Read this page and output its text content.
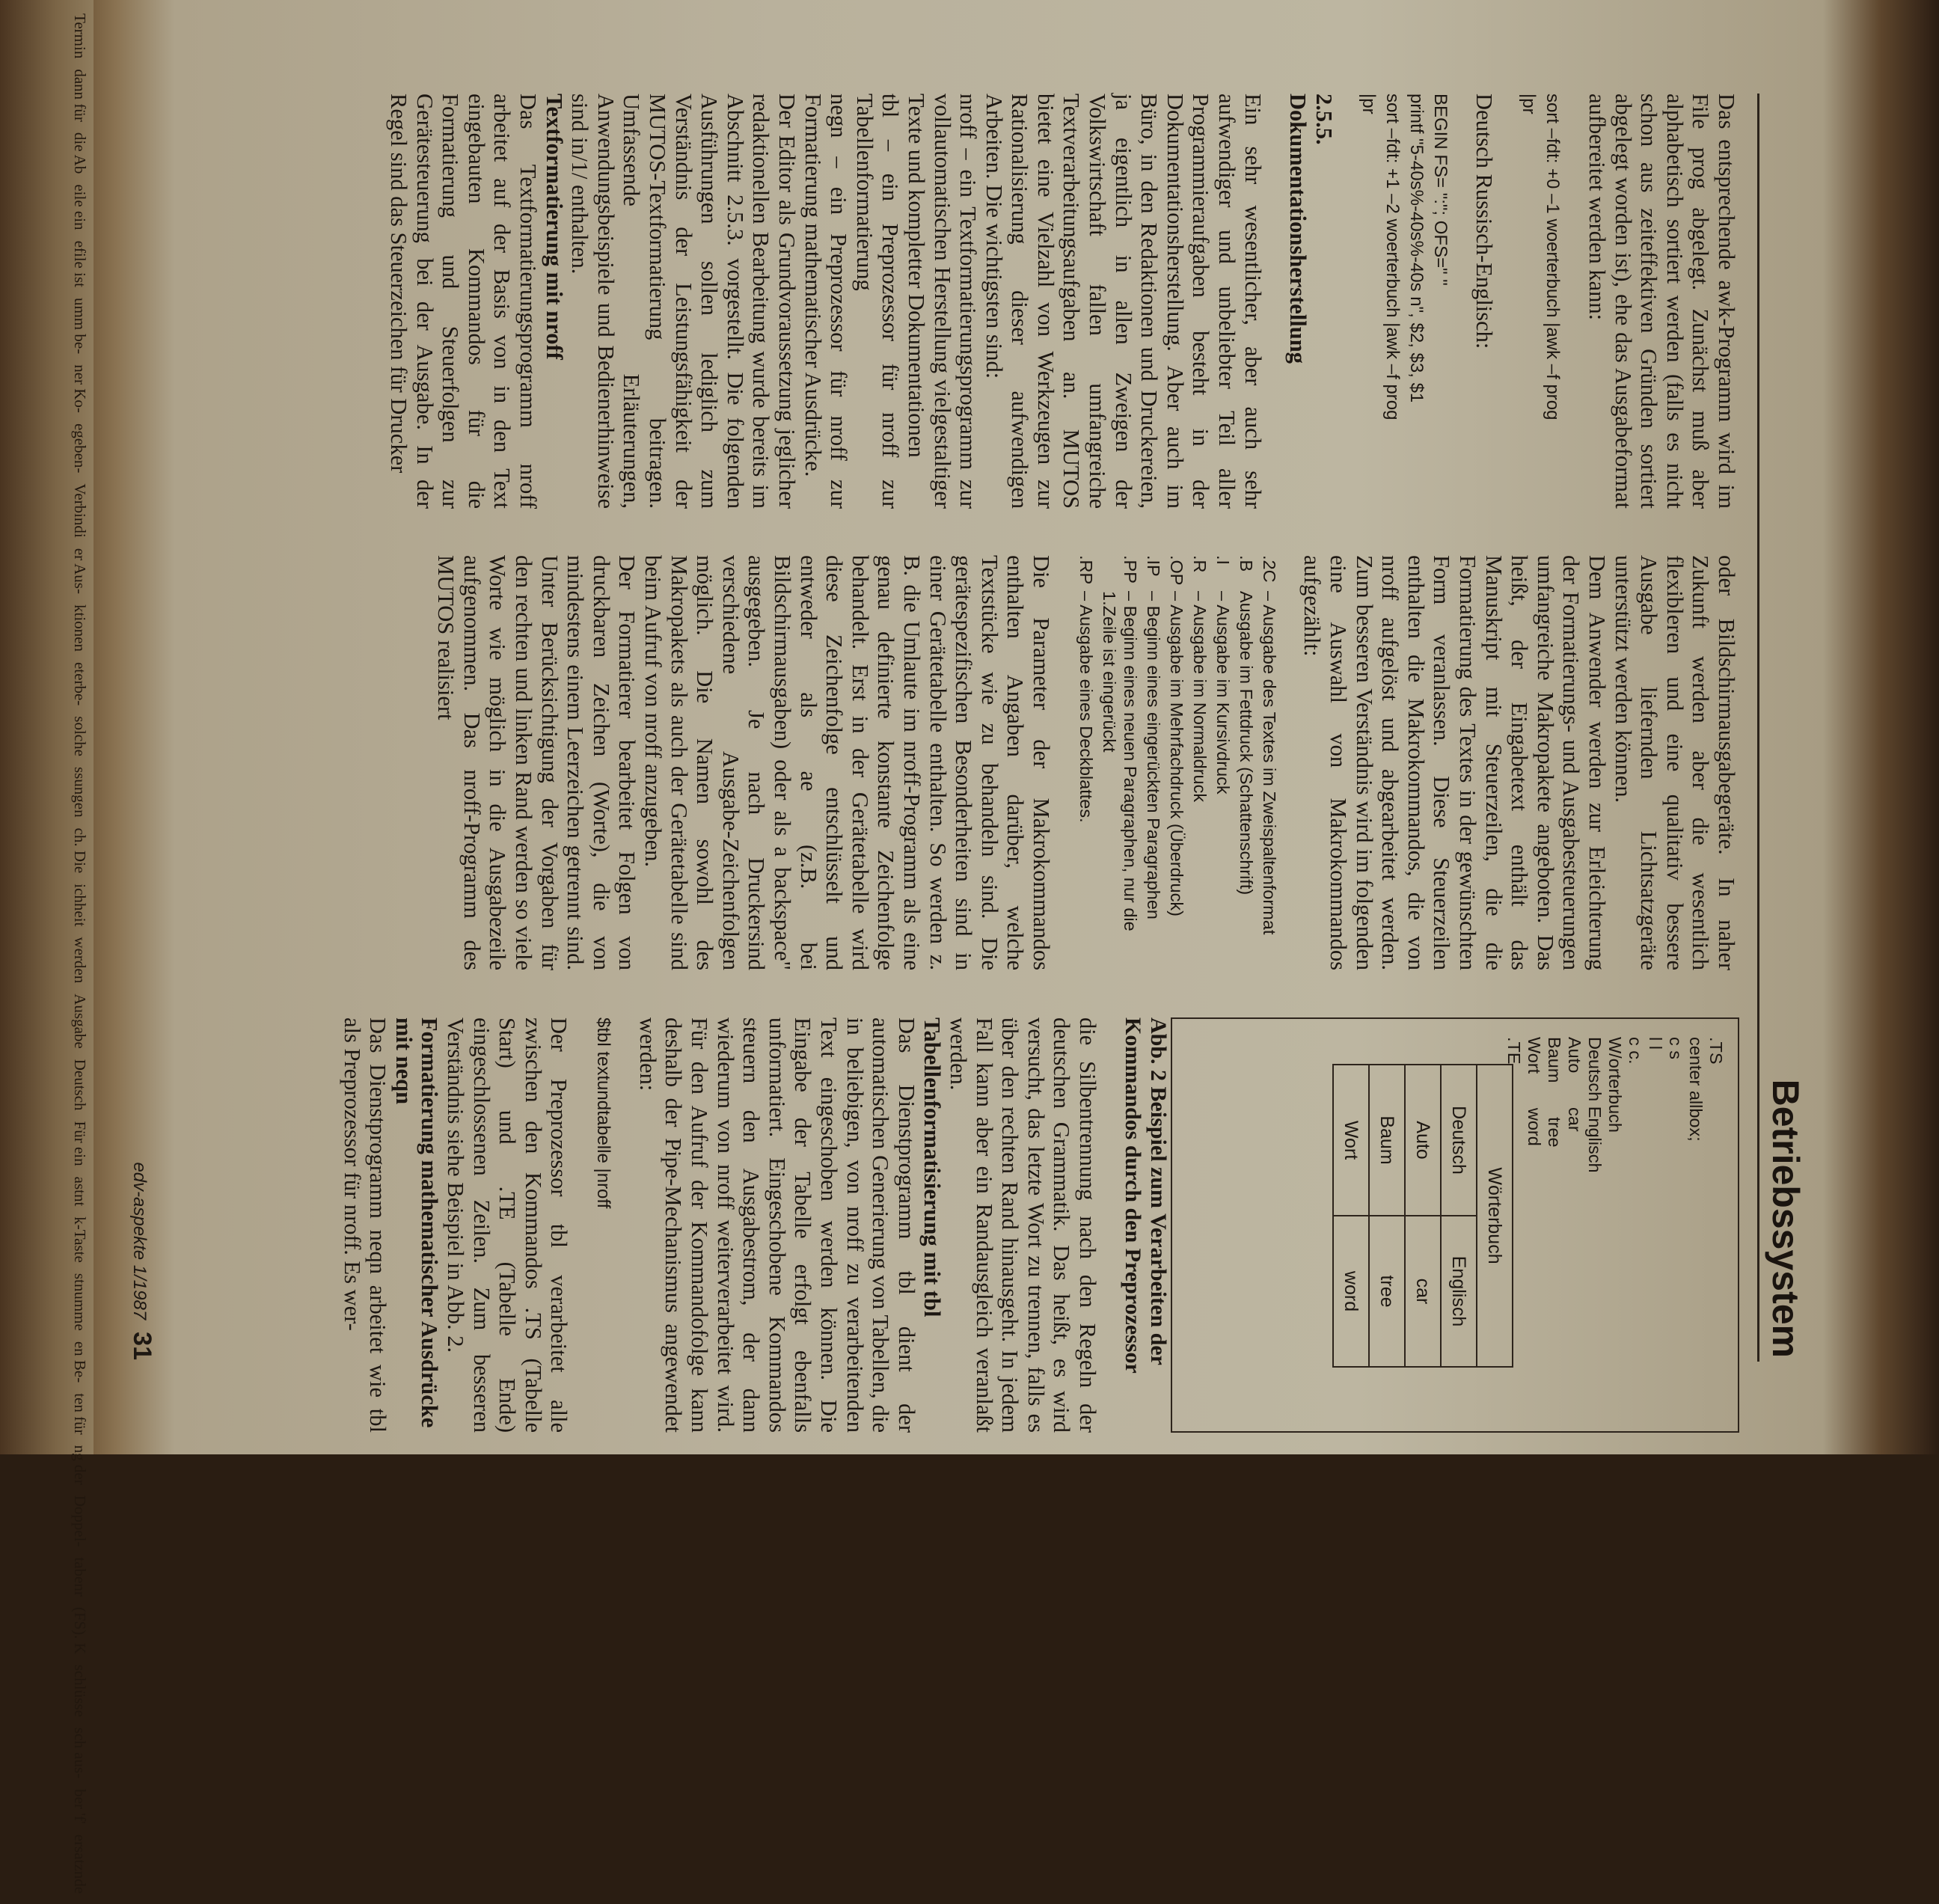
Termindann fürdie Abeile einefile istumm be-ner Ko-egeben-Verbindier Aus-ktioneneterbe-solchessungench. DieichheitwerdenAusgabeDeutschFür einastntk-Tastestnummeen Be-ten fürng derDoppel-tabenr(FS). Kschlüssesch aus-ber 'f'ersatznde
Betriebssystem

Das entsprechende awk-Programm wird im File prog abgelegt. Zunächst muß aber alphabetisch sortiert werden (falls es nicht schon aus zeiteffektiven Gründen sortiert abgelegt worden ist), ehe das Ausgabeformat aufbereitet werden kann:

sort –fdt: +0 –1 woerterbuch |awk –f prog
|pr

Deutsch Russisch-Englisch:

BEGIN FS= ":"; OFS=" "
printf "5-40s%-40s%-40s n", $2, $3, $1
sort –fdt: +1 –2 woerterbuch |awk –f prog
|pr

2.5.5.

Dokumentationsherstellung

Ein sehr wesentlicher, aber auch sehr aufwendiger und unbeliebter Teil aller Programmieraufgaben besteht in der Dokumentationsherstellung. Aber auch im Büro, in den Redaktionen und Druckereien, ja eigentlich in allen Zweigen der Volkswirtschaft fallen umfangreiche Textverarbeitungsaufgaben an. MUTOS bietet eine Vielzahl von Werkzeugen zur Rationalisierung dieser aufwendigen Arbeiten. Die wichtigsten sind:

nroff – ein Textformatierungsprogramm zur vollautomatischen Herstellung vielgestaltiger Texte und kompletter Dokumentationen

tbl – ein Preprozessor für nroff zur Tabellenformatierung

negn – ein Preprozessor für nroff zur Formatierung mathematischer Ausdrücke.

Der Editor als Grundvoraussetzung jeglicher redaktionellen Bearbeitung wurde bereits im Abschnitt 2.5.3. vorgestellt. Die folgenden Ausführungen sollen lediglich zum Verständnis der Leistungsfähigkeit der MUTOS-Textformatierung beitragen. Umfassende Erläuterungen, Anwendungsbeispiele und Bedienerhinweise sind in/1/ enthalten.

Textformatierung mit nroff

Das Textformatierungsprogramm nroff arbeitet auf der Basis von in den Text eingebauten Kommandos für die Formatierung und Steuerfolgen zur Gerätesteuerung bei der Ausgabe. In der Regel sind das Steuerzeichen für Drucker

oder Bildschirmausgabegeräte. In naher Zukunft werden aber die wesentlich flexibleren und eine qualitativ bessere Ausgabe liefernden Lichtsatzgeräte unterstützt werden können.

Dem Anwender werden zur Erleichterung der Formatierungs- und Ausgabesteuerungen umfangreiche Makropakete angeboten. Das heißt, der Eingabetext enthält das Manuskript mit Steuerzeilen, die die Formatierung des Textes in der gewünschten Form veranlassen. Diese Steuerzeilen enthalten die Makrokommandos, die von nroff aufgelöst und abgearbeitet werden. Zum besseren Verständnis wird im folgenden eine Auswahl von Makrokommandos aufgezählt:

.2C
– Ausgabe des Textes im Zweispaltenformat
.B
Ausgabe im Fettdruck (Schattenschrift)
.I
– Ausgabe im Kursivdruck
.R
– Ausgabe im Normaldruck
.OP
– Ausgabe im Mehrfachdruck (Überdruck)
.IP
– Beginn eines eingerückten Paragraphen
.PP
– Beginn eines neuen Paragraphen, nur die 1.Zeile ist eingerückt
.RP
– Ausgabe eines Deckblattes.

Die Parameter der Makrokommandos enthalten Angaben darüber, welche Textstücke wie zu behandeln sind. Die gerätespezifischen Besonderheiten sind in einer Gerätetabelle enthalten. So werden z. B. die Umlaute im nroff-Programm als eine genau definierte konstante Zeichenfolge behandelt. Erst in der Gerätetabelle wird diese Zeichenfolge entschlüsselt und entweder als ae (z.B. bei Bildschirmausgaben) oder als a backspace" ausgegeben. Je nach Druckersind verschiedene Ausgabe-Zeichenfolgen möglich. Die Namen sowohl des Makropakets als auch der Gerätetabelle sind beim Aufruf von nroff anzugeben.

Der Formatierer bearbeitet Folgen von druckbaren Zeichen (Worte), die von mindestens einem Leerzeichen getrennt sind. Unter Berücksichtigung der Vorgaben für den rechten und linken Rand werden so viele Worte wie möglich in die Ausgabezeile aufgenommen. Das nroff-Programm des MUTOS realisiert

.TS
center allbox;
c s
l l
c c.
W/orterbuch
Deutsch Englisch
Auto       car
Baum       tree
Wort       word
.TE
Wörterbuch	
Deutsch	Englisch
Auto	car
Baum	tree
Wort	word

Abb. 2 Beispiel zum Verarbeiten der Kommandos durch den Preprozessor

die Silbentrennung nach den Regeln der deutschen Grammatik. Das heißt, es wird versucht, das letzte Wort zu trennen, falls es über den rechten Rand hinausgeht. In jedem Fall kann aber ein Randausgleich veranlaßt werden.

Tabellenformatisierung mit tbl

Das Dienstprogramm tbl dient der automatischen Generierung von Tabellen, die in beliebigen, von nroff zu verarbeitenden Text eingeschoben werden können. Die Eingabe der Tabelle erfolgt ebenfalls unformatiert. Eingeschobene Kommandos steuern den Ausgabestrom, der dann wiederum von nroff weiterverarbeitet wird. Für den Aufruf der Kommandofolge kann deshalb der Pipe-Mechanismus angewendet werden:

$tbl textundtabelle |nroff

Der Preprozessor tbl verarbeitet alle zwischen den Kommandos .TS (Tabelle Start) und .TE (Tabelle Ende) eingeschlossenen Zeilen. Zum besseren Verständnis siehe Beispiel in Abb. 2.

Formatierung mathematischer Ausdrücke mit neqn

Das Dienstprogramm neqn arbeitet wie tbl als Preprozessor für nroff. Es wer-

edv-aspekte 1/198731
